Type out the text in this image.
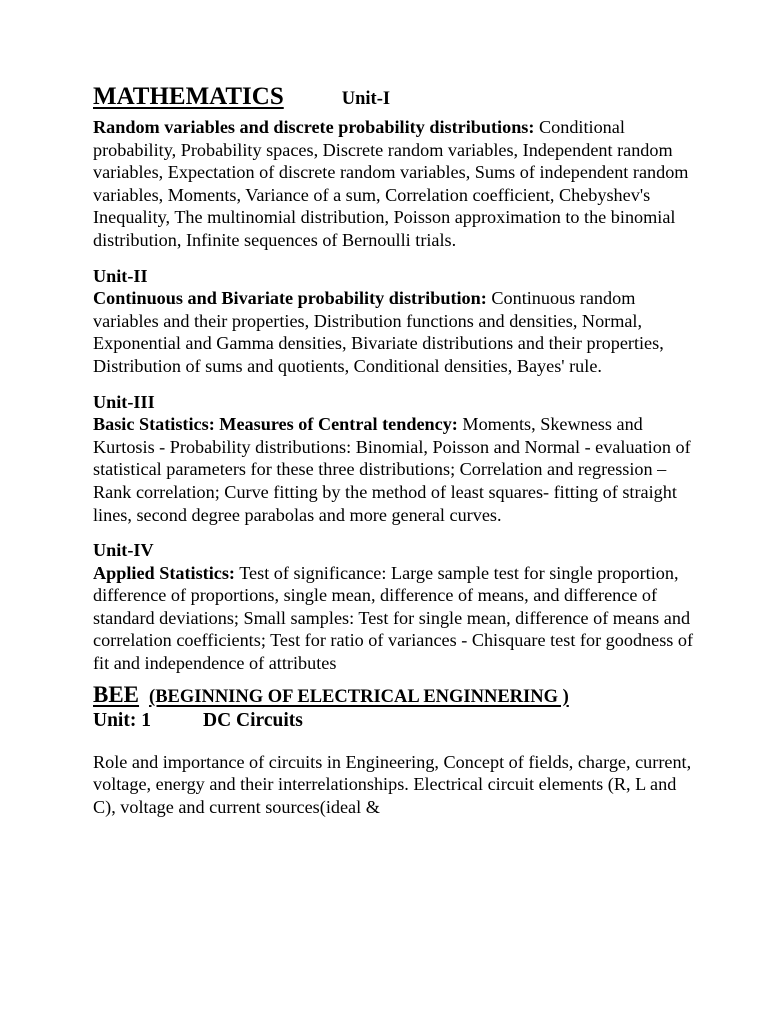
MATHEMATICS	Unit-I

Random variables and discrete probability distributions: Conditional probability, Probability spaces, Discrete random variables, Independent random variables, Expectation of discrete random variables, Sums of independent random variables, Moments, Variance of a sum, Correlation coefficient, Chebyshev's Inequality, The multinomial distribution, Poisson approximation to the binomial distribution, Infinite sequences of Bernoulli trials.

Unit-II

Continuous and Bivariate probability distribution: Continuous random variables and their properties, Distribution functions and densities, Normal, Exponential and Gamma densities, Bivariate distributions and their properties, Distribution of sums and quotients, Conditional densities, Bayes' rule.

Unit-III

Basic Statistics: Measures of Central tendency: Moments, Skewness and Kurtosis - Probability distributions: Binomial, Poisson and Normal - evaluation of statistical parameters for these three distributions; Correlation and regression – Rank correlation; Curve fitting by the method of least squares- fitting of straight lines, second degree parabolas and more general curves.

Unit-IV

Applied Statistics: Test of significance: Large sample test for single proportion, difference of proportions, single mean, difference of means, and difference of standard deviations; Small samples: Test for single mean, difference of means and correlation coefficients; Test for ratio of variances - Chisquare test for goodness of fit and independence of attributes

BEE (BEGINNING OF ELECTRICAL ENGINNERING )
Unit: 1	DC Circuits

Role and importance of circuits in Engineering, Concept of fields, charge, current, voltage, energy and their interrelationships. Electrical circuit elements (R, L and C), voltage and current sources(ideal &
